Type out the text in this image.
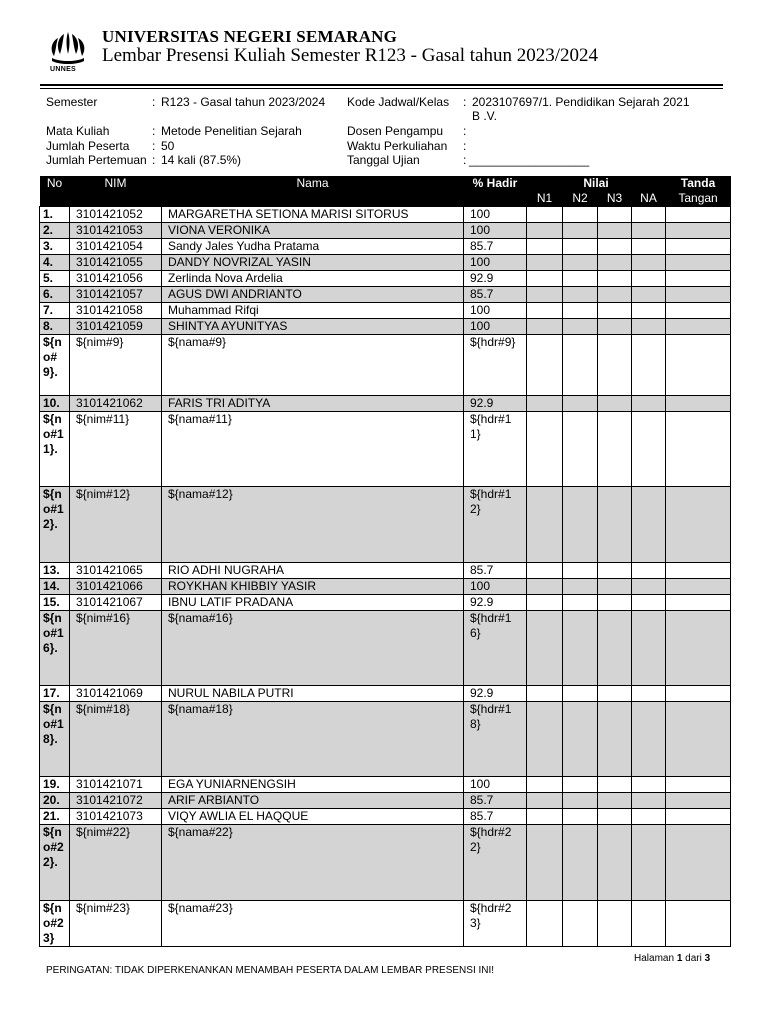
UNNES
UNIVERSITAS NEGERI SEMARANG
Lembar Presensi Kuliah Semester R123 - Gasal tahun 2023/2024
Semester	: R123 - Gasal tahun 2023/2024
Mata Kuliah	: Metode Penelitian Sejarah
Jumlah Peserta : 50
Jumlah Pertemuan : 14 kali (87.5%)
Kode Jadwal/Kelas : 2023107697/1. Pendidikan Sejarah 2021
B .V.
Dosen Pengampu :
Waktu Perkuliahan :
Tanggal Ujian	: __________________
No	NIM	Nama	% Hadir	Nilai				Tanda
				N1	N2	N3	NA	Tangan
1.	3101421052	MARGARETHA SETIONA MARISI SITORUS	100					
2.	3101421053	VIONA VERONIKA	100					
3.	3101421054	Sandy Jales Yudha Pratama	85.7					
4.	3101421055	DANDY NOVRIZAL YASIN	100					
5.	3101421056	Zerlinda Nova Ardelia	92.9					
6.	3101421057	AGUS DWI ANDRIANTO	85.7					
7.	3101421058	Muhammad Rifqi	100					
8.	3101421059	SHINTYA AYUNITYAS	100					
${no#9}.	${nim#9}	${nama#9}	${hdr#9}					
10.	3101421062	FARIS TRI ADITYA	92.9					
${no#11}.	${nim#11}	${nama#11}	${hdr#11}					
${no#12}.	${nim#12}	${nama#12}	${hdr#12}					
13.	3101421065	RIO ADHI NUGRAHA	85.7					
14.	3101421066	ROYKHAN KHIBBIY YASIR	100					
15.	3101421067	IBNU LATIF PRADANA	92.9					
${no#16}.	${nim#16}	${nama#16}	${hdr#16}					
17.	3101421069	NURUL NABILA PUTRI	92.9					
${no#18}.	${nim#18}	${nama#18}	${hdr#18}					
19.	3101421071	EGA YUNIARNENGSIH	100					
20.	3101421072	ARIF ARBIANTO	85.7					
21.	3101421073	VIQY AWLIA EL HAQQUE	85.7					
${no#22}.	${nim#22}	${nama#22}	${hdr#22}					
${no#23}	${nim#23}	${nama#23}	${hdr#23}					
Halaman 1 dari 3
PERINGATAN: TIDAK DIPERKENANKAN MENAMBAH PESERTA DALAM LEMBAR PRESENSI INI!
